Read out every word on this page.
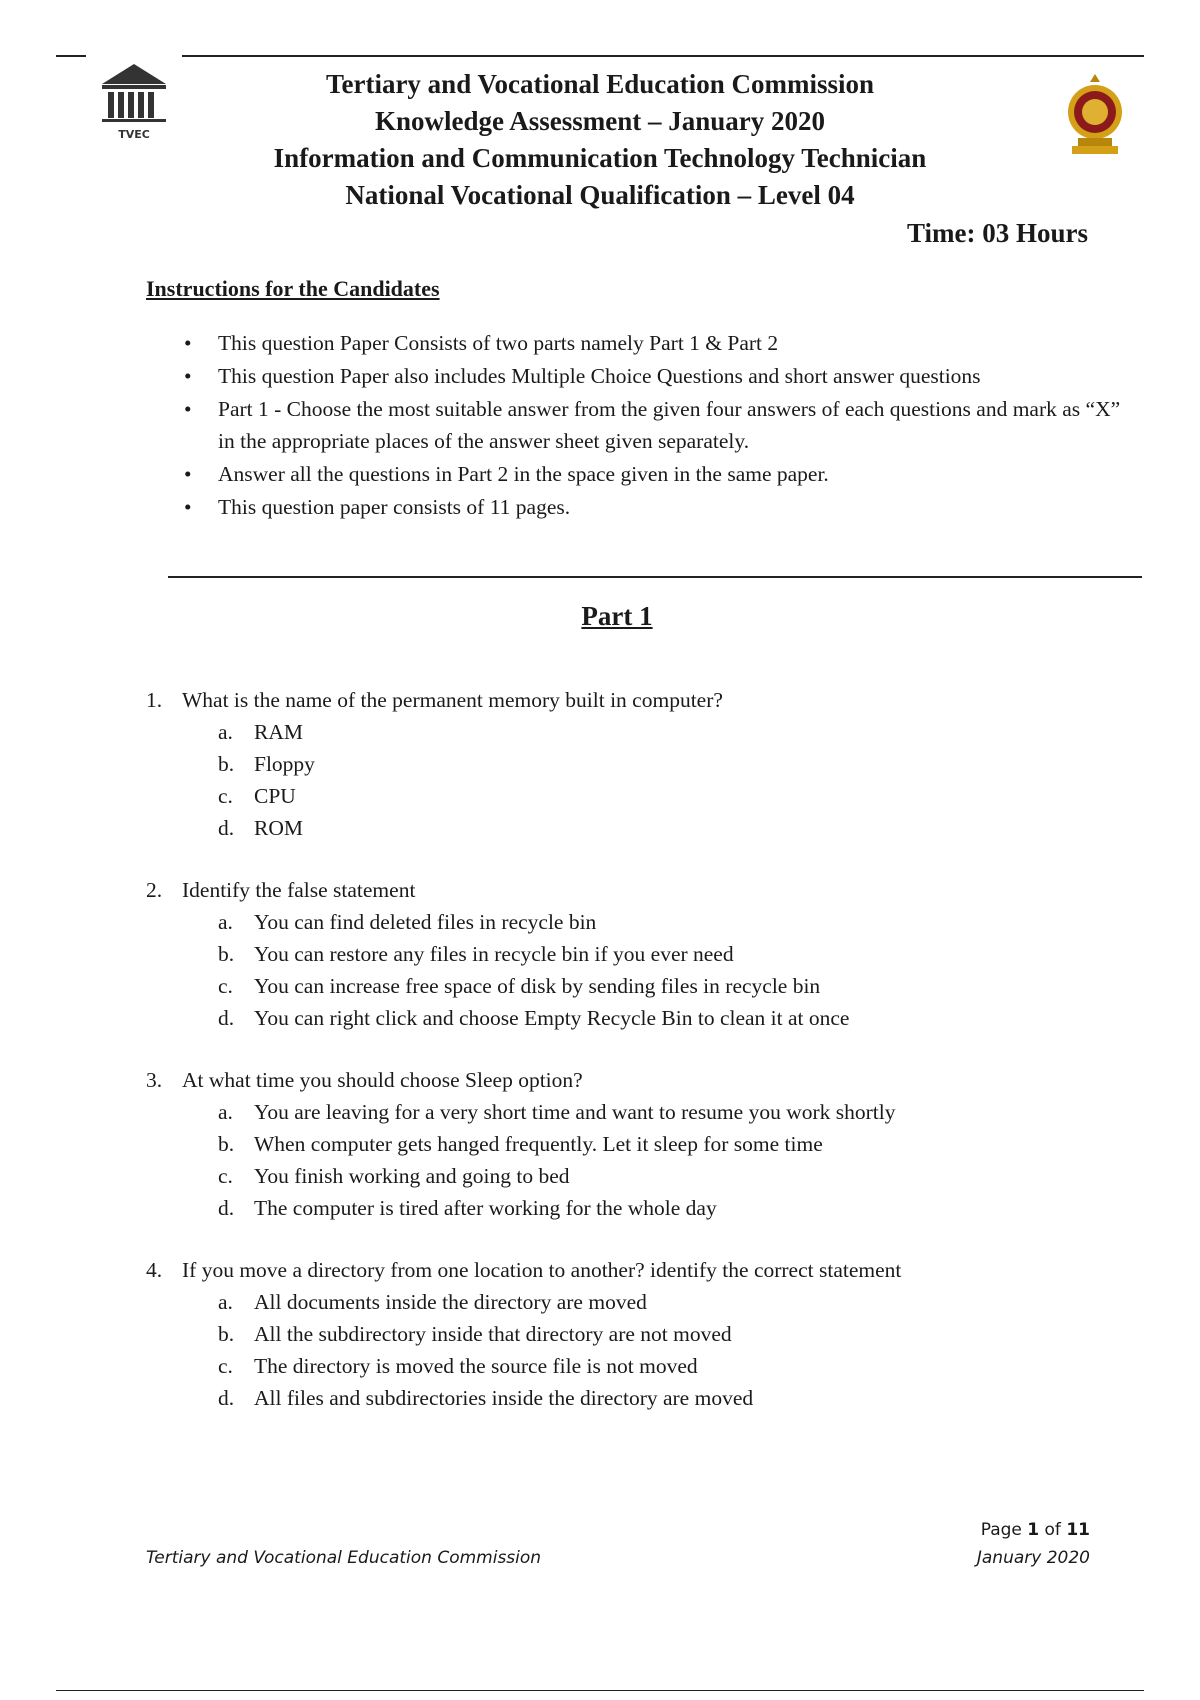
TVEC
Tertiary and Vocational Education Commission
Knowledge Assessment – January 2020
Information and Communication Technology Technician
National Vocational Qualification – Level 04
Time: 03 Hours
Instructions for the Candidates
• This question Paper Consists of two parts namely Part 1 & Part 2
• This question Paper also includes Multiple Choice Questions and short answer questions
• Part 1 - Choose the most suitable answer from the given four answers of each questions and mark as “X” in the appropriate places of the answer sheet given separately.
• Answer all the questions in Part 2 in the space given in the same paper.
• This question paper consists of 11 pages.
Part 1
1. What is the name of the permanent memory built in computer?
a. RAM
b. Floppy
c. CPU
d. ROM
2. Identify the false statement
a. You can find deleted files in recycle bin
b. You can restore any files in recycle bin if you ever need
c. You can increase free space of disk by sending files in recycle bin
d. You can right click and choose Empty Recycle Bin to clean it at once
3. At what time you should choose Sleep option?
a. You are leaving for a very short time and want to resume you work shortly
b. When computer gets hanged frequently. Let it sleep for some time
c. You finish working and going to bed
d. The computer is tired after working for the whole day
4. If you move a directory from one location to another? identify the correct statement
a. All documents inside the directory are moved
b. All the subdirectory inside that directory are not moved
c. The directory is moved the source file is not moved
d. All files and subdirectories inside the directory are moved
Page 1 of 11
Tertiary and Vocational Education Commission	January 2020
